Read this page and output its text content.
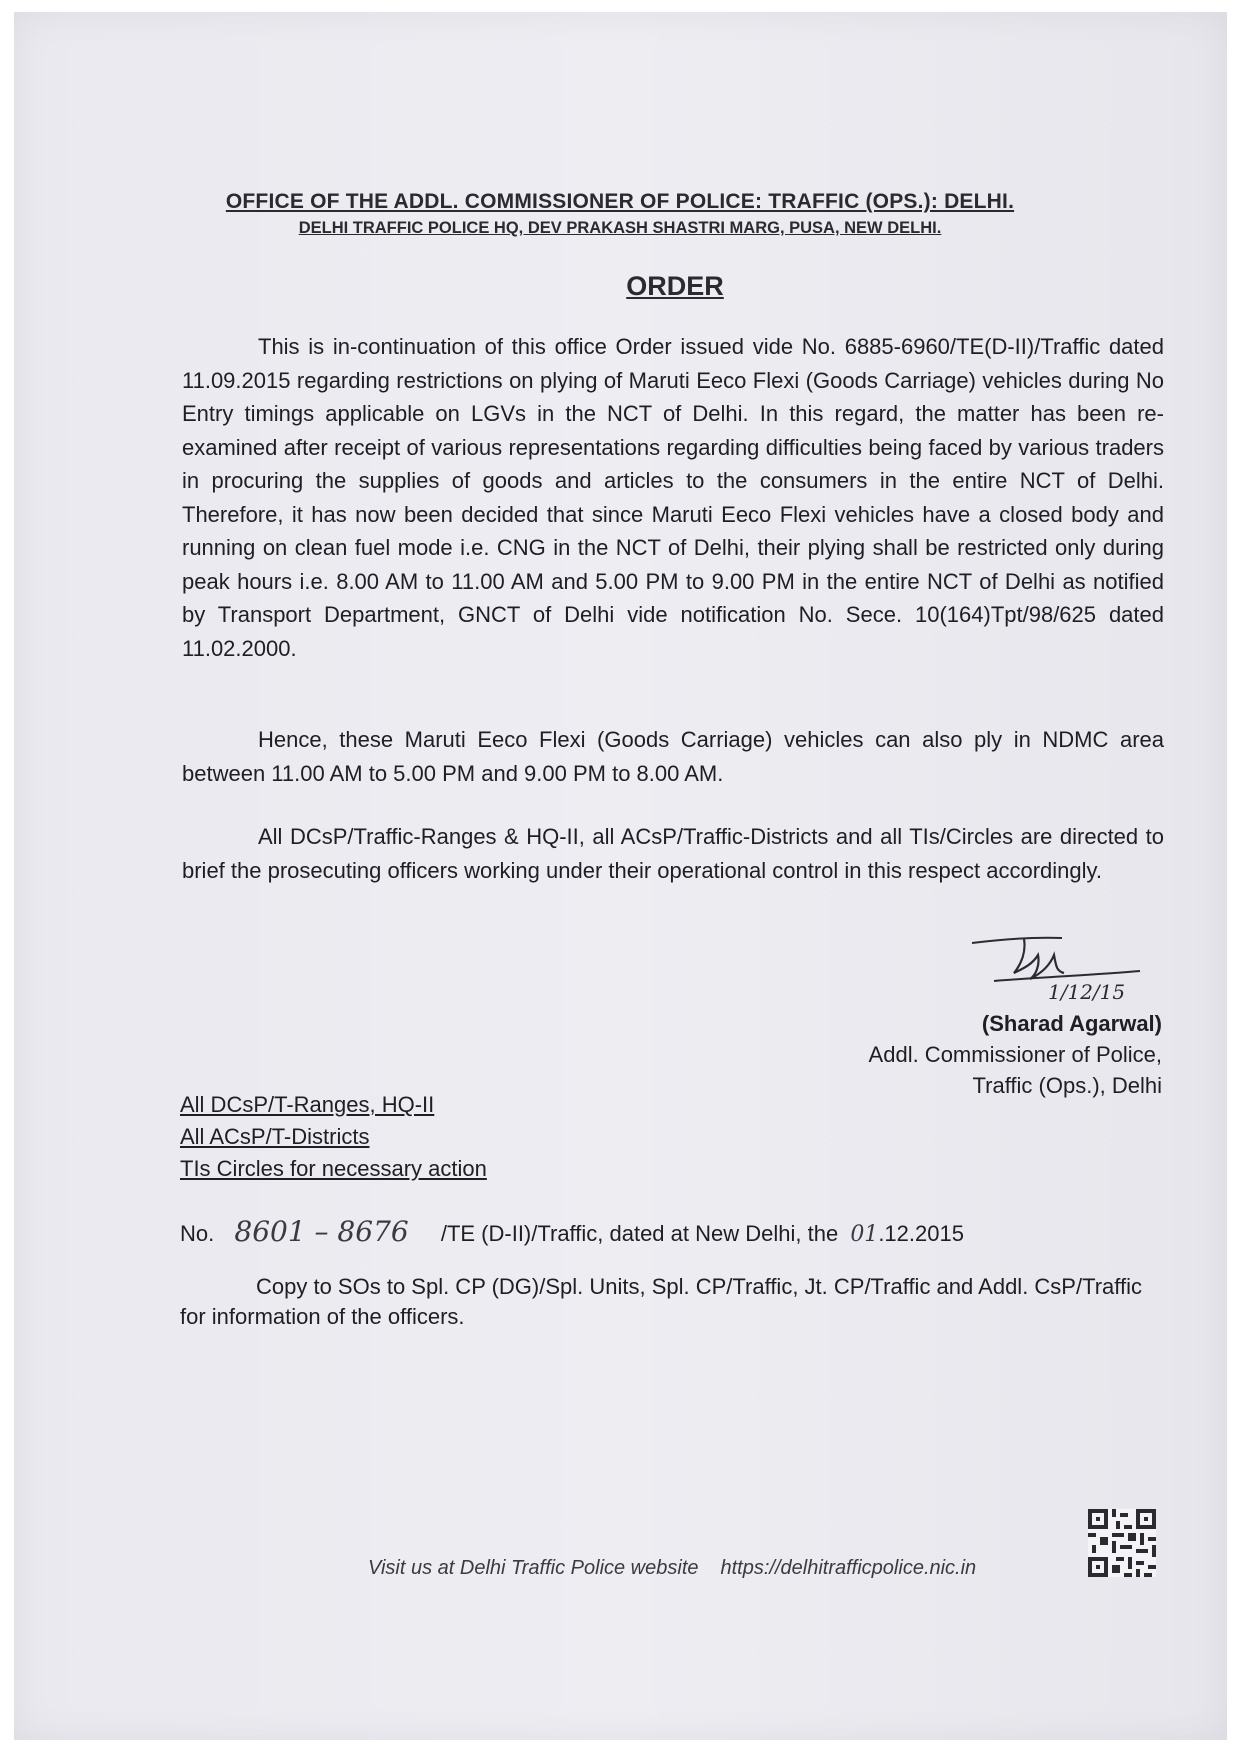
OFFICE OF THE ADDL. COMMISSIONER OF POLICE: TRAFFIC (OPS.): DELHI.
DELHI TRAFFIC POLICE HQ, DEV PRAKASH SHASTRI MARG, PUSA, NEW DELHI.
ORDER
This is in-continuation of this office Order issued vide No. 6885-6960/TE(D-II)/Traffic dated 11.09.2015 regarding restrictions on plying of Maruti Eeco Flexi (Goods Carriage) vehicles during No Entry timings applicable on LGVs in the NCT of Delhi. In this regard, the matter has been re-examined after receipt of various representations regarding difficulties being faced by various traders in procuring the supplies of goods and articles to the consumers in the entire NCT of Delhi. Therefore, it has now been decided that since Maruti Eeco Flexi vehicles have a closed body and running on clean fuel mode i.e. CNG in the NCT of Delhi, their plying shall be restricted only during peak hours i.e. 8.00 AM to 11.00 AM and 5.00 PM to 9.00 PM in the entire NCT of Delhi as notified by Transport Department, GNCT of Delhi vide notification No. Sece. 10(164)Tpt/98/625 dated 11.02.2000.
Hence, these Maruti Eeco Flexi (Goods Carriage) vehicles can also ply in NDMC area between 11.00 AM to 5.00 PM and 9.00 PM to 8.00 AM.
All DCsP/Traffic-Ranges & HQ-II, all ACsP/Traffic-Districts and all TIs/Circles are directed to brief the prosecuting officers working under their operational control in this respect accordingly.
1/12/15
(Sharad Agarwal)
Addl. Commissioner of Police,
Traffic (Ops.), Delhi
All DCsP/T-Ranges, HQ-II
All ACsP/T-Districts
TIs Circles for necessary action
No. 8601 – 8676 /TE (D-II)/Traffic, dated at New Delhi, the 01.12.2015
Copy to SOs to Spl. CP (DG)/Spl. Units, Spl. CP/Traffic, Jt. CP/Traffic and Addl. CsP/Traffic for information of the officers.
Visit us at Delhi Traffic Police website https://delhitrafficpolice.nic.in
